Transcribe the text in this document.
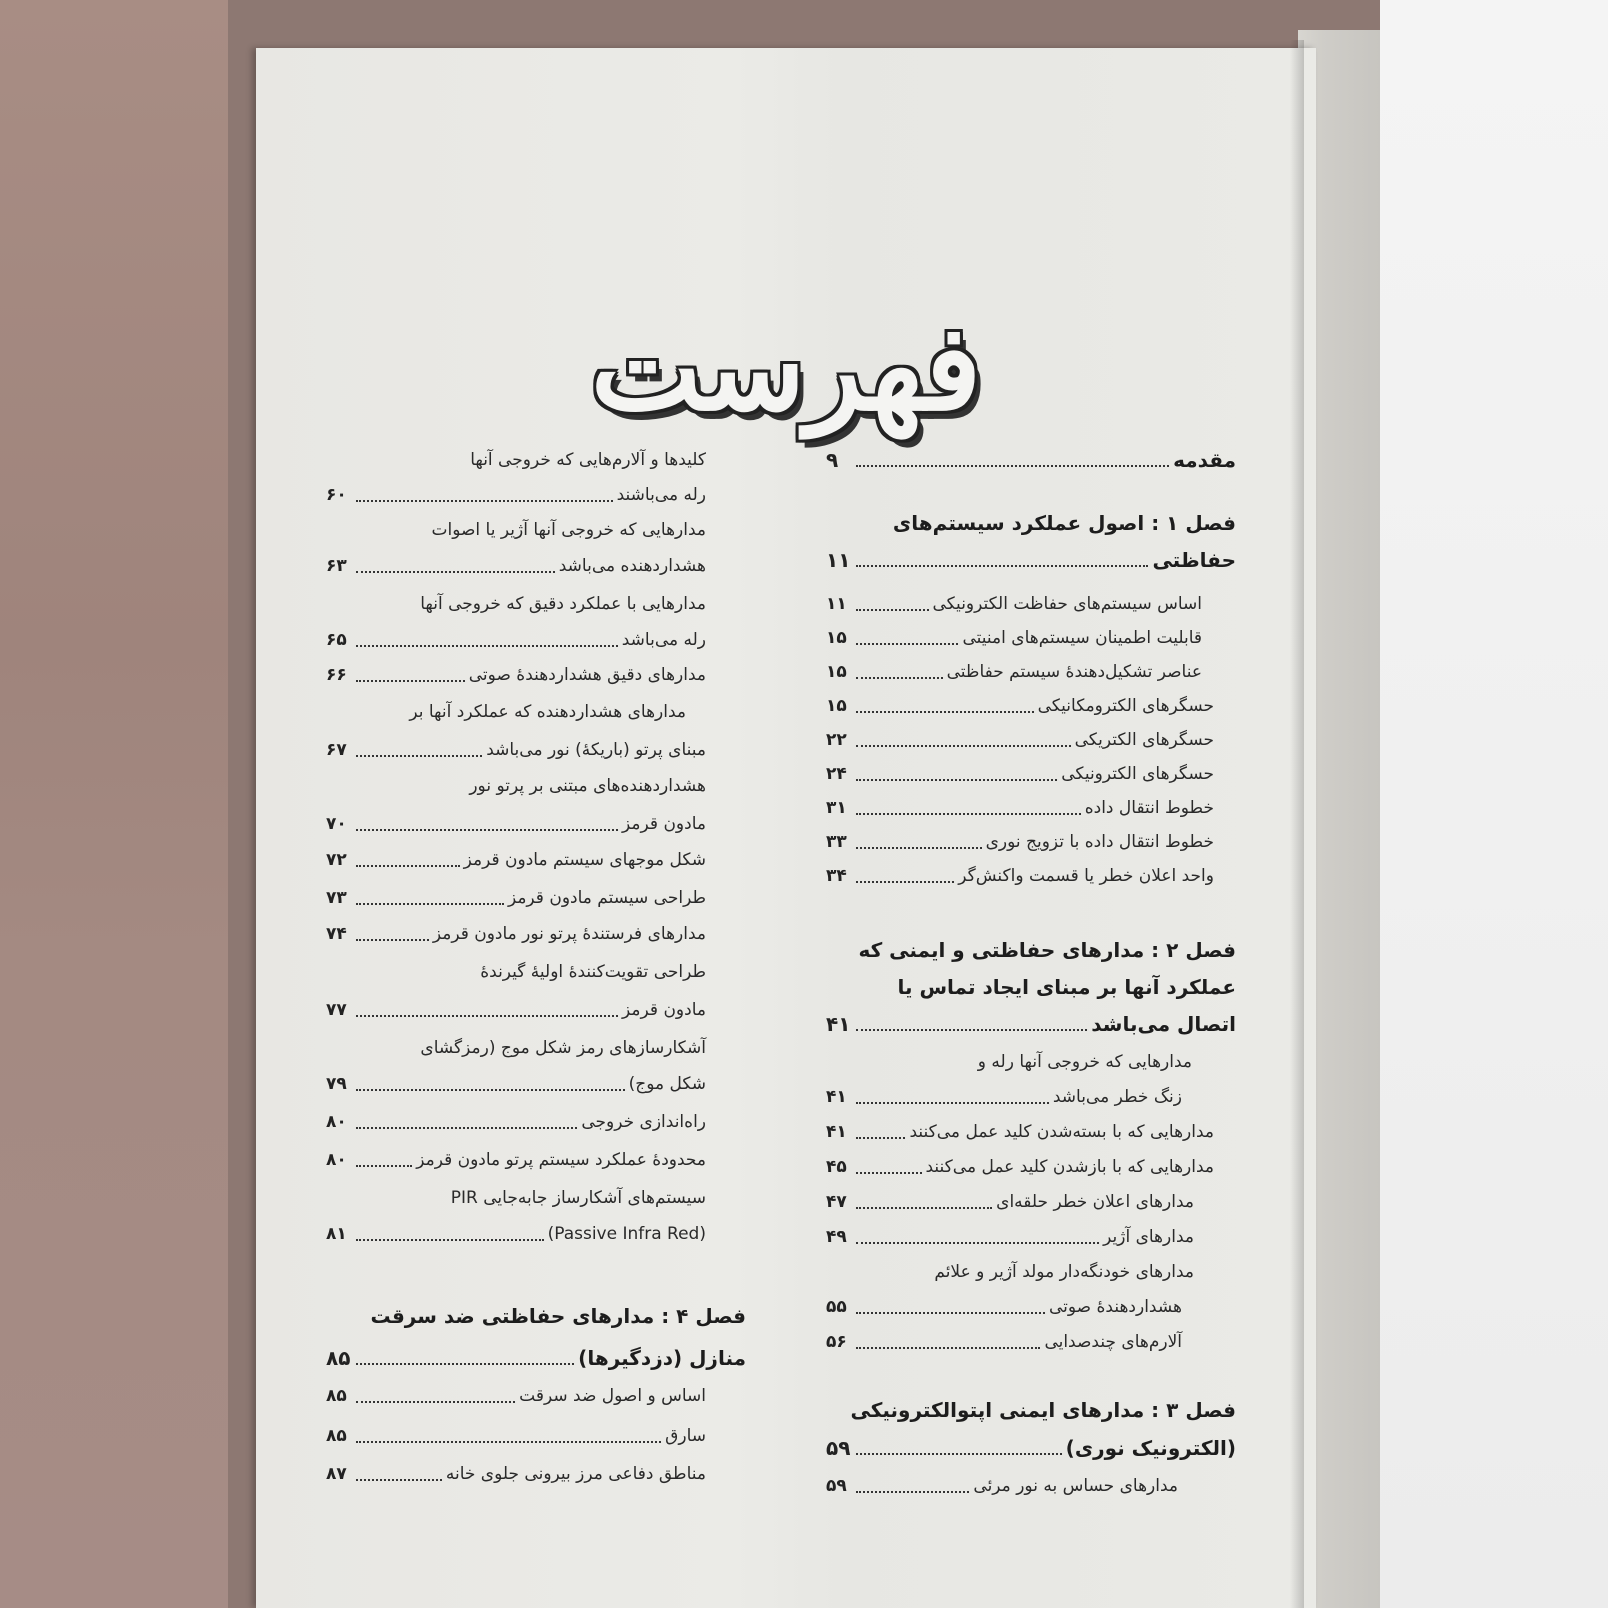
فهرست
مقدمه
۹
فصل ۱ : اصول عملکرد سیستم‌های
حفاظتی
۱۱
اساس سیستم‌های حفاظت الکترونیکی
۱۱
قابلیت اطمینان سیستم‌های امنیتی
۱۵
عناصر تشکیل‌دهندهٔ سیستم حفاظتی
۱۵
حسگرهای الکترومکانیکی
۱۵
حسگرهای الکتریکی
۲۲
حسگرهای الکترونیکی
۲۴
خطوط انتقال داده
۳۱
خطوط انتقال داده با تزویج نوری
۳۳
واحد اعلان خطر یا قسمت واکنش‌گر
۳۴
فصل ۲ : مدارهای حفاظتی و ایمنی که
عملکرد آنها بر مبنای ایجاد تماس یا
اتصال می‌باشد
۴۱
مدارهایی که خروجی آنها رله و
زنگ خطر می‌باشد
۴۱
مدارهایی که با بسته‌شدن کلید عمل می‌کنند
۴۱
مدارهایی که با بازشدن کلید عمل می‌کنند
۴۵
مدارهای اعلان خطر حلقه‌ای
۴۷
مدارهای آژیر
۴۹
مدارهای خودنگه‌دار مولد آژیر و علائم
هشداردهندهٔ صوتی
۵۵
آلارم‌های چندصدایی
۵۶
فصل ۳ : مدارهای ایمنی اپتوالکترونیکی
(الکترونیک نوری)
۵۹
مدارهای حساس به نور مرئی
۵۹
کلیدها و آلارم‌هایی که خروجی آنها
رله می‌باشند
۶۰
مدارهایی که خروجی آنها آژیر یا اصوات
هشداردهنده می‌باشد
۶۳
مدارهایی با عملکرد دقیق که خروجی آنها
رله می‌باشد
۶۵
مدارهای دقیق هشداردهندهٔ صوتی
۶۶
مدارهای هشداردهنده که عملکرد آنها بر
مبنای پرتو (باریکهٔ) نور می‌باشد
۶۷
هشداردهنده‌های مبتنی بر پرتو نور
مادون قرمز
۷۰
شکل موجهای سیستم مادون قرمز
۷۲
طراحی سیستم مادون قرمز
۷۳
مدارهای فرستندهٔ پرتو نور مادون قرمز
۷۴
طراحی تقویت‌کنندهٔ اولیهٔ گیرندهٔ
مادون قرمز
۷۷
آشکارسازهای رمز شکل موج (رمزگشای
شکل موج)
۷۹
راه‌اندازی خروجی
۸۰
محدودهٔ عملکرد سیستم پرتو مادون قرمز
۸۰
سیستم‌های آشکارساز جابه‌جایی PIR
(Passive Infra Red)
۸۱
فصل ۴ : مدارهای حفاظتی ضد سرقت
منازل (دزدگیرها)
۸۵
اساس و اصول ضد سرقت
۸۵
سارق
۸۵
مناطق دفاعی مرز بیرونی جلوی خانه
۸۷
